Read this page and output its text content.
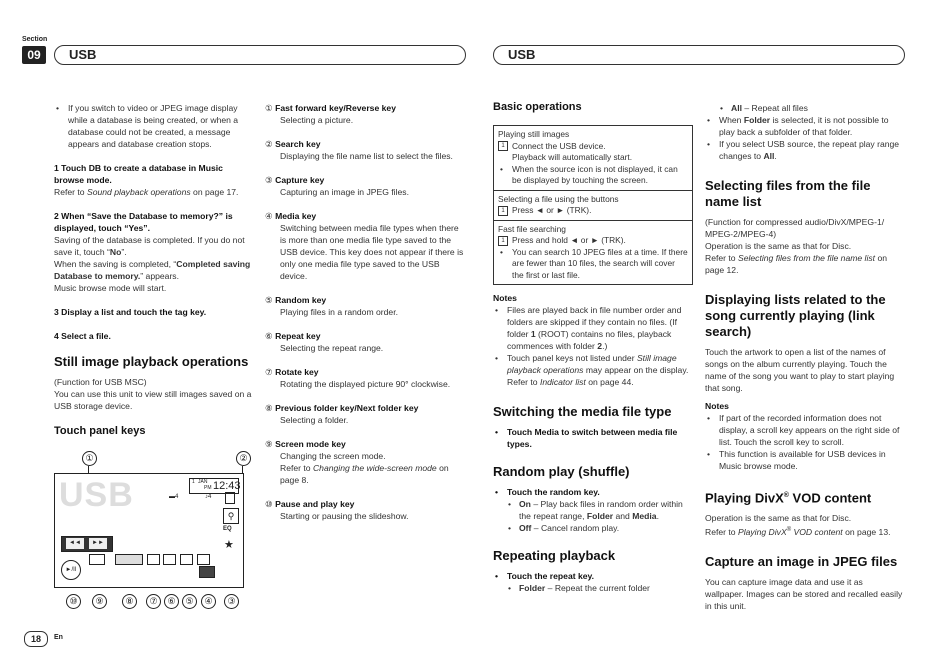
Section
09	USB	USB

• If you switch to video or JPEG image display while a database is being created, or when a database could not be created, a message appears and database creation stops.

1 Touch DB to create a database in Music browse mode.

Refer to Sound playback operations on page 17.

2 When “Save the Database to memory?” is displayed, touch “Yes”.

Saving of the database is completed. If you do not save it, touch “No”.

When the saving is completed, “Completed saving Database to memory.” appears.

Music browse mode will start.

3 Display a list and touch the tag key.

4 Select a file.

Still image playback operations

(Function for USB MSC)

You can use this unit to view still images saved on a USB storage device.

Touch panel keys

①	②
USB	1 JAN
PM 12:43
▬4	♪4
⚲
EQ
★
◄◄	►►
►/II
⑩	⑨	⑧	⑦	⑥	⑤	④	③

① Fast forward key/Reverse key

Selecting a picture.

② Search key

Displaying the file name list to select the files.

③ Capture key

Capturing an image in JPEG files.

④ Media key

Switching between media file types when there is more than one media file type saved to the USB device. This key does not appear if there is only one media file type saved to the USB device.

⑤ Random key

Playing files in a random order.

⑥ Repeat key

Selecting the repeat range.

⑦ Rotate key

Rotating the displayed picture 90° clockwise.

⑧ Previous folder key/Next folder key

Selecting a folder.

⑨ Screen mode key

Changing the screen mode.

Refer to Changing the wide-screen mode on page 8.

⑩ Pause and play key

Starting or pausing the slideshow.

Basic operations

Playing still images

1 Connect the USB device.

Playback will automatically start.

• When the source icon is not displayed, it can be displayed by touching the screen.

Selecting a file using the buttons

1 Press ◄ or ► (TRK).

Fast file searching

1 Press and hold ◄ or ► (TRK).

• You can search 10 JPEG files at a time. If there are fewer than 10 files, the search will cover the first or last file.

Notes

• Files are played back in file number order and folders are skipped if they contain no files. (If folder 1 (ROOT) contains no files, playback commences with folder 2.)

• Touch panel keys not listed under Still image playback operations may appear on the display.

Refer to Indicator list on page 44.

Switching the media file type

• Touch Media to switch between media file types.

Random play (shuffle)

• Touch the random key.

• On – Play back files in random order within the repeat range, Folder and Media.

• Off – Cancel random play.

Repeating playback

• Touch the repeat key.

• Folder – Repeat the current folder

• All – Repeat all files

• When Folder is selected, it is not possible to play back a subfolder of that folder.

• If you select USB source, the repeat play range changes to All.

Selecting files from the file name list

(Function for compressed audio/DivX/MPEG-1/ MPEG-2/MPEG-4)

Operation is the same as that for Disc.

Refer to Selecting files from the file name list on page 12.

Displaying lists related to the song currently playing (link search)

Touch the artwork to open a list of the names of songs on the album currently playing. Touch the name of the song you want to play to start playing that song.

Notes

• If part of the recorded information does not display, a scroll key appears on the right side of list. Touch the scroll key to scroll.

• This function is available for USB devices in Music browse mode.

Playing DivX® VOD content

Operation is the same as that for Disc.

Refer to Playing DivX® VOD content on page 13.

Capture an image in JPEG files

You can capture image data and use it as wallpaper. Images can be stored and recalled easily in this unit.

18	En
